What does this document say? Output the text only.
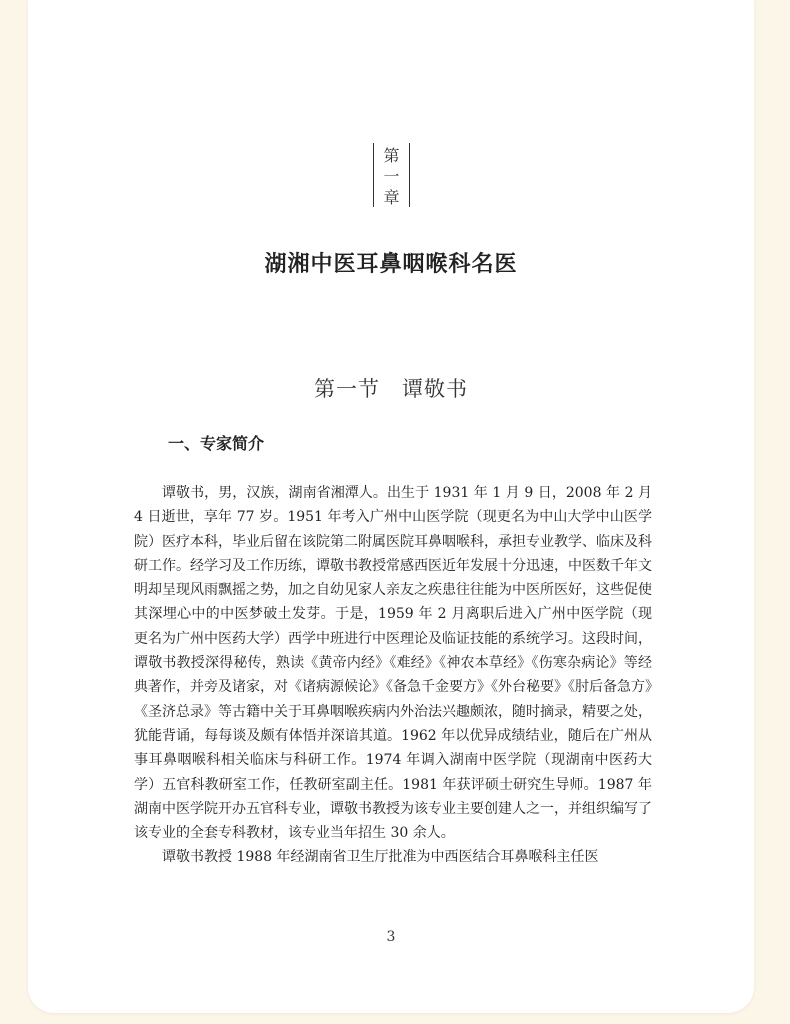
第
一
章
湖湘中医耳鼻咽喉科名医
第一节　谭敬书
一、专家简介

谭敬书，男，汉族，湖南省湘潭人。出生于 1931 年 1 月 9 日，2008 年 2 月 4 日逝世，享年 77 岁。1951 年考入广州中山医学院（现更名为中山大学中山医学院）医疗本科，毕业后留在该院第二附属医院耳鼻咽喉科，承担专业教学、临床及科研工作。经学习及工作历练，谭敬书教授常感西医近年发展十分迅速，中医数千年文明却呈现风雨飘摇之势，加之自幼见家人亲友之疾患往往能为中医所医好，这些促使其深埋心中的中医梦破土发芽。于是，1959 年 2 月离职后进入广州中医学院（现更名为广州中医药大学）西学中班进行中医理论及临证技能的系统学习。这段时间，谭敬书教授深得秘传，熟读《黄帝内经》《难经》《神农本草经》《伤寒杂病论》等经典著作，并旁及诸家，对《诸病源候论》《备急千金要方》《外台秘要》《肘后备急方》《圣济总录》等古籍中关于耳鼻咽喉疾病内外治法兴趣颇浓，随时摘录，精要之处，犹能背诵，每每谈及颇有体悟并深谙其道。1962 年以优异成绩结业，随后在广州从事耳鼻咽喉科相关临床与科研工作。1974 年调入湖南中医学院（现湖南中医药大学）五官科教研室工作，任教研室副主任。1981 年获评硕士研究生导师。1987 年湖南中医学院开办五官科专业，谭敬书教授为该专业主要创建人之一，并组织编写了该专业的全套专科教材，该专业当年招生 30 余人。

谭敬书教授 1988 年经湖南省卫生厅批准为中西医结合耳鼻喉科主任医

3
